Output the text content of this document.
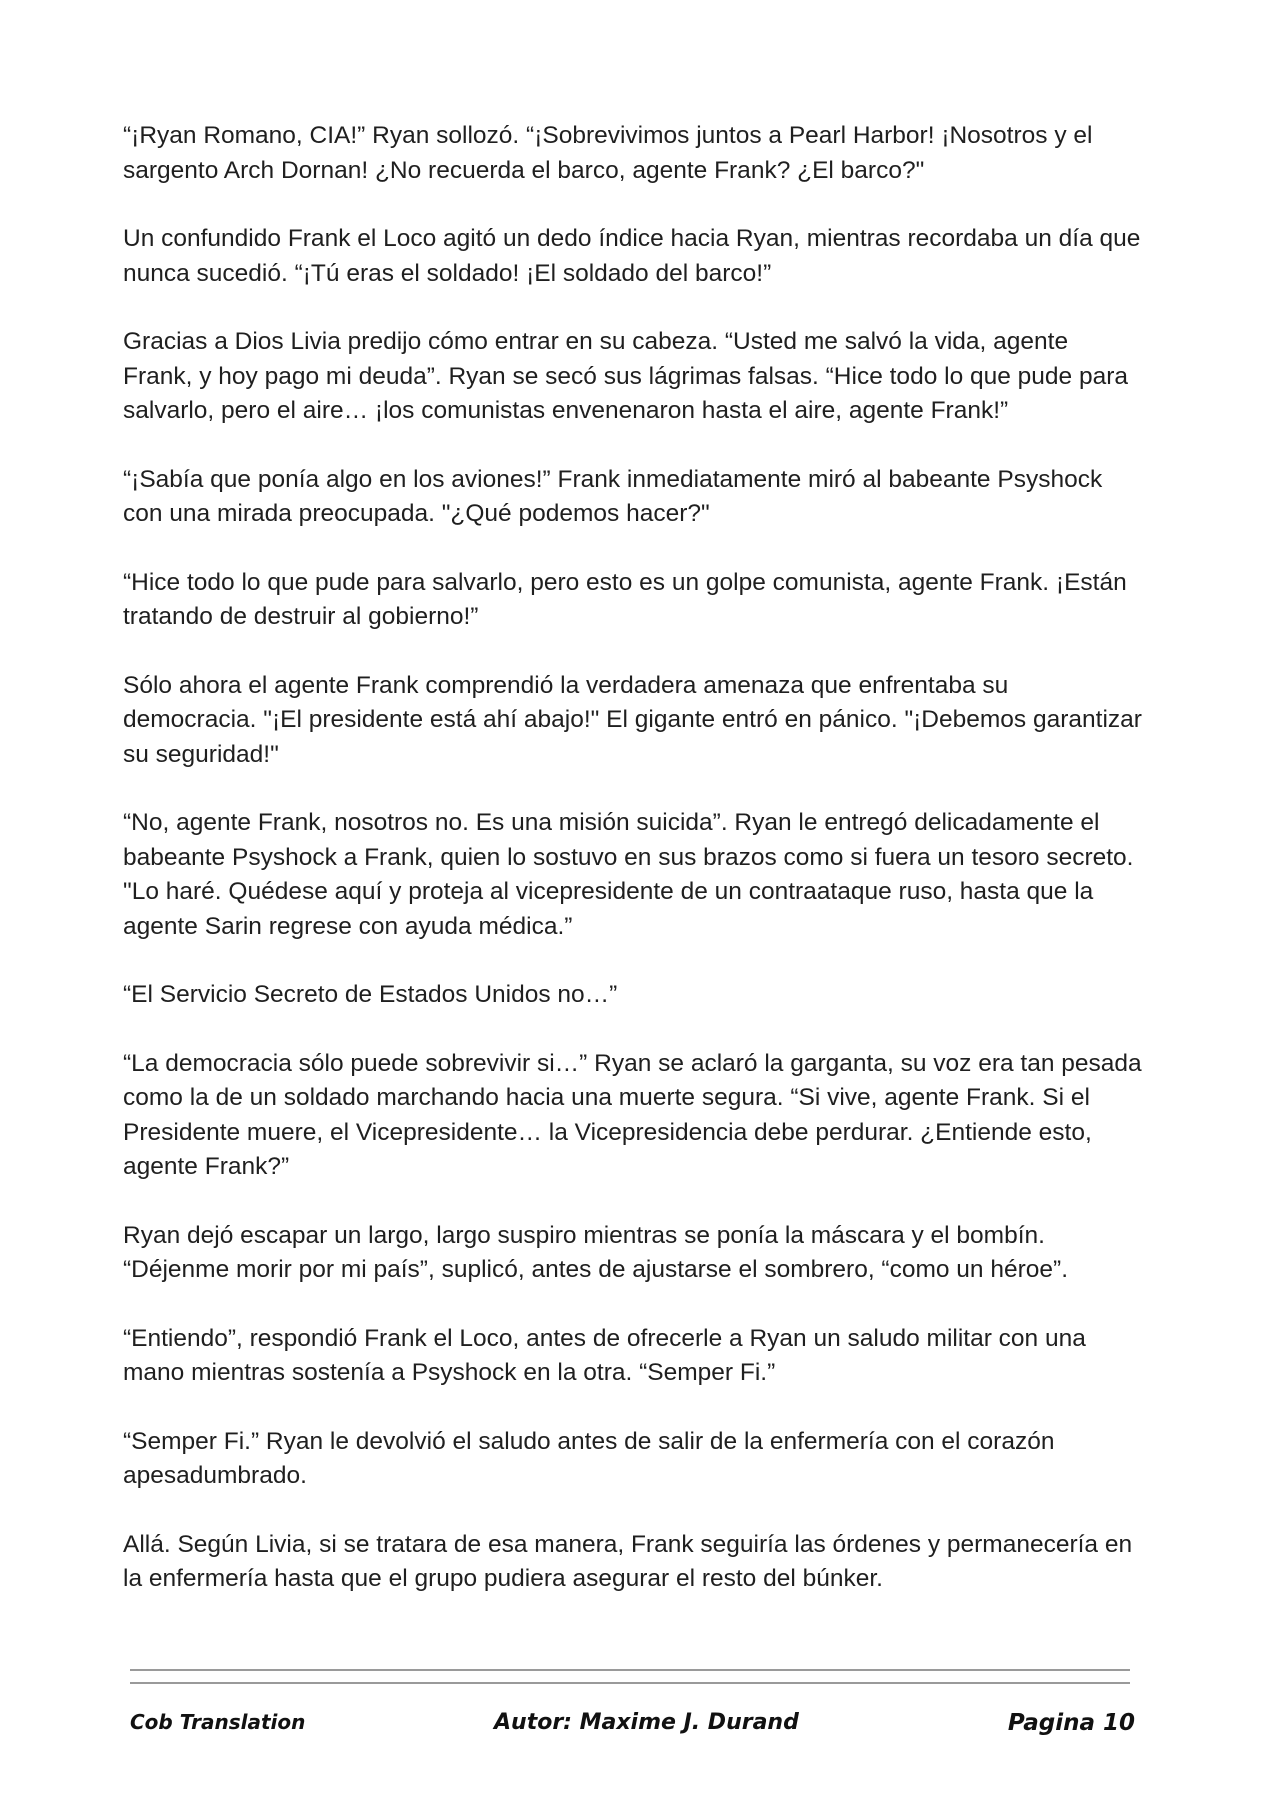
“¡Ryan Romano, CIA!” Ryan sollozó. “¡Sobrevivimos juntos a Pearl Harbor! ¡Nosotros y el sargento Arch Dornan! ¿No recuerda el barco, agente Frank? ¿El barco?"

Un confundido Frank el Loco agitó un dedo índice hacia Ryan, mientras recordaba un día que nunca sucedió. “¡Tú eras el soldado! ¡El soldado del barco!”

Gracias a Dios Livia predijo cómo entrar en su cabeza. “Usted me salvó la vida, agente Frank, y hoy pago mi deuda”. Ryan se secó sus lágrimas falsas. “Hice todo lo que pude para salvarlo, pero el aire… ¡los comunistas envenenaron hasta el aire, agente Frank!”

“¡Sabía que ponía algo en los aviones!” Frank inmediatamente miró al babeante Psyshock con una mirada preocupada. "¿Qué podemos hacer?"

“Hice todo lo que pude para salvarlo, pero esto es un golpe comunista, agente Frank. ¡Están tratando de destruir al gobierno!”

Sólo ahora el agente Frank comprendió la verdadera amenaza que enfrentaba su democracia. "¡El presidente está ahí abajo!" El gigante entró en pánico. "¡Debemos garantizar su seguridad!"

“No, agente Frank, nosotros no. Es una misión suicida”. Ryan le entregó delicadamente el babeante Psyshock a Frank, quien lo sostuvo en sus brazos como si fuera un tesoro secreto. "Lo haré. Quédese aquí y proteja al vicepresidente de un contraataque ruso, hasta que la agente Sarin regrese con ayuda médica.”

“El Servicio Secreto de Estados Unidos no…”

“La democracia sólo puede sobrevivir si…” Ryan se aclaró la garganta, su voz era tan pesada como la de un soldado marchando hacia una muerte segura. “Si vive, agente Frank. Si el Presidente muere, el Vicepresidente… la Vicepresidencia debe perdurar. ¿Entiende esto, agente Frank?”

Ryan dejó escapar un largo, largo suspiro mientras se ponía la máscara y el bombín. “Déjenme morir por mi país”, suplicó, antes de ajustarse el sombrero, “como un héroe”.

“Entiendo”, respondió Frank el Loco, antes de ofrecerle a Ryan un saludo militar con una mano mientras sostenía a Psyshock en la otra. “Semper Fi.”

“Semper Fi.” Ryan le devolvió el saludo antes de salir de la enfermería con el corazón apesadumbrado.

Allá. Según Livia, si se tratara de esa manera, Frank seguiría las órdenes y permanecería en la enfermería hasta que el grupo pudiera asegurar el resto del búnker.

Cob Translation	Autor: Maxime J. Durand	Pagina 10
